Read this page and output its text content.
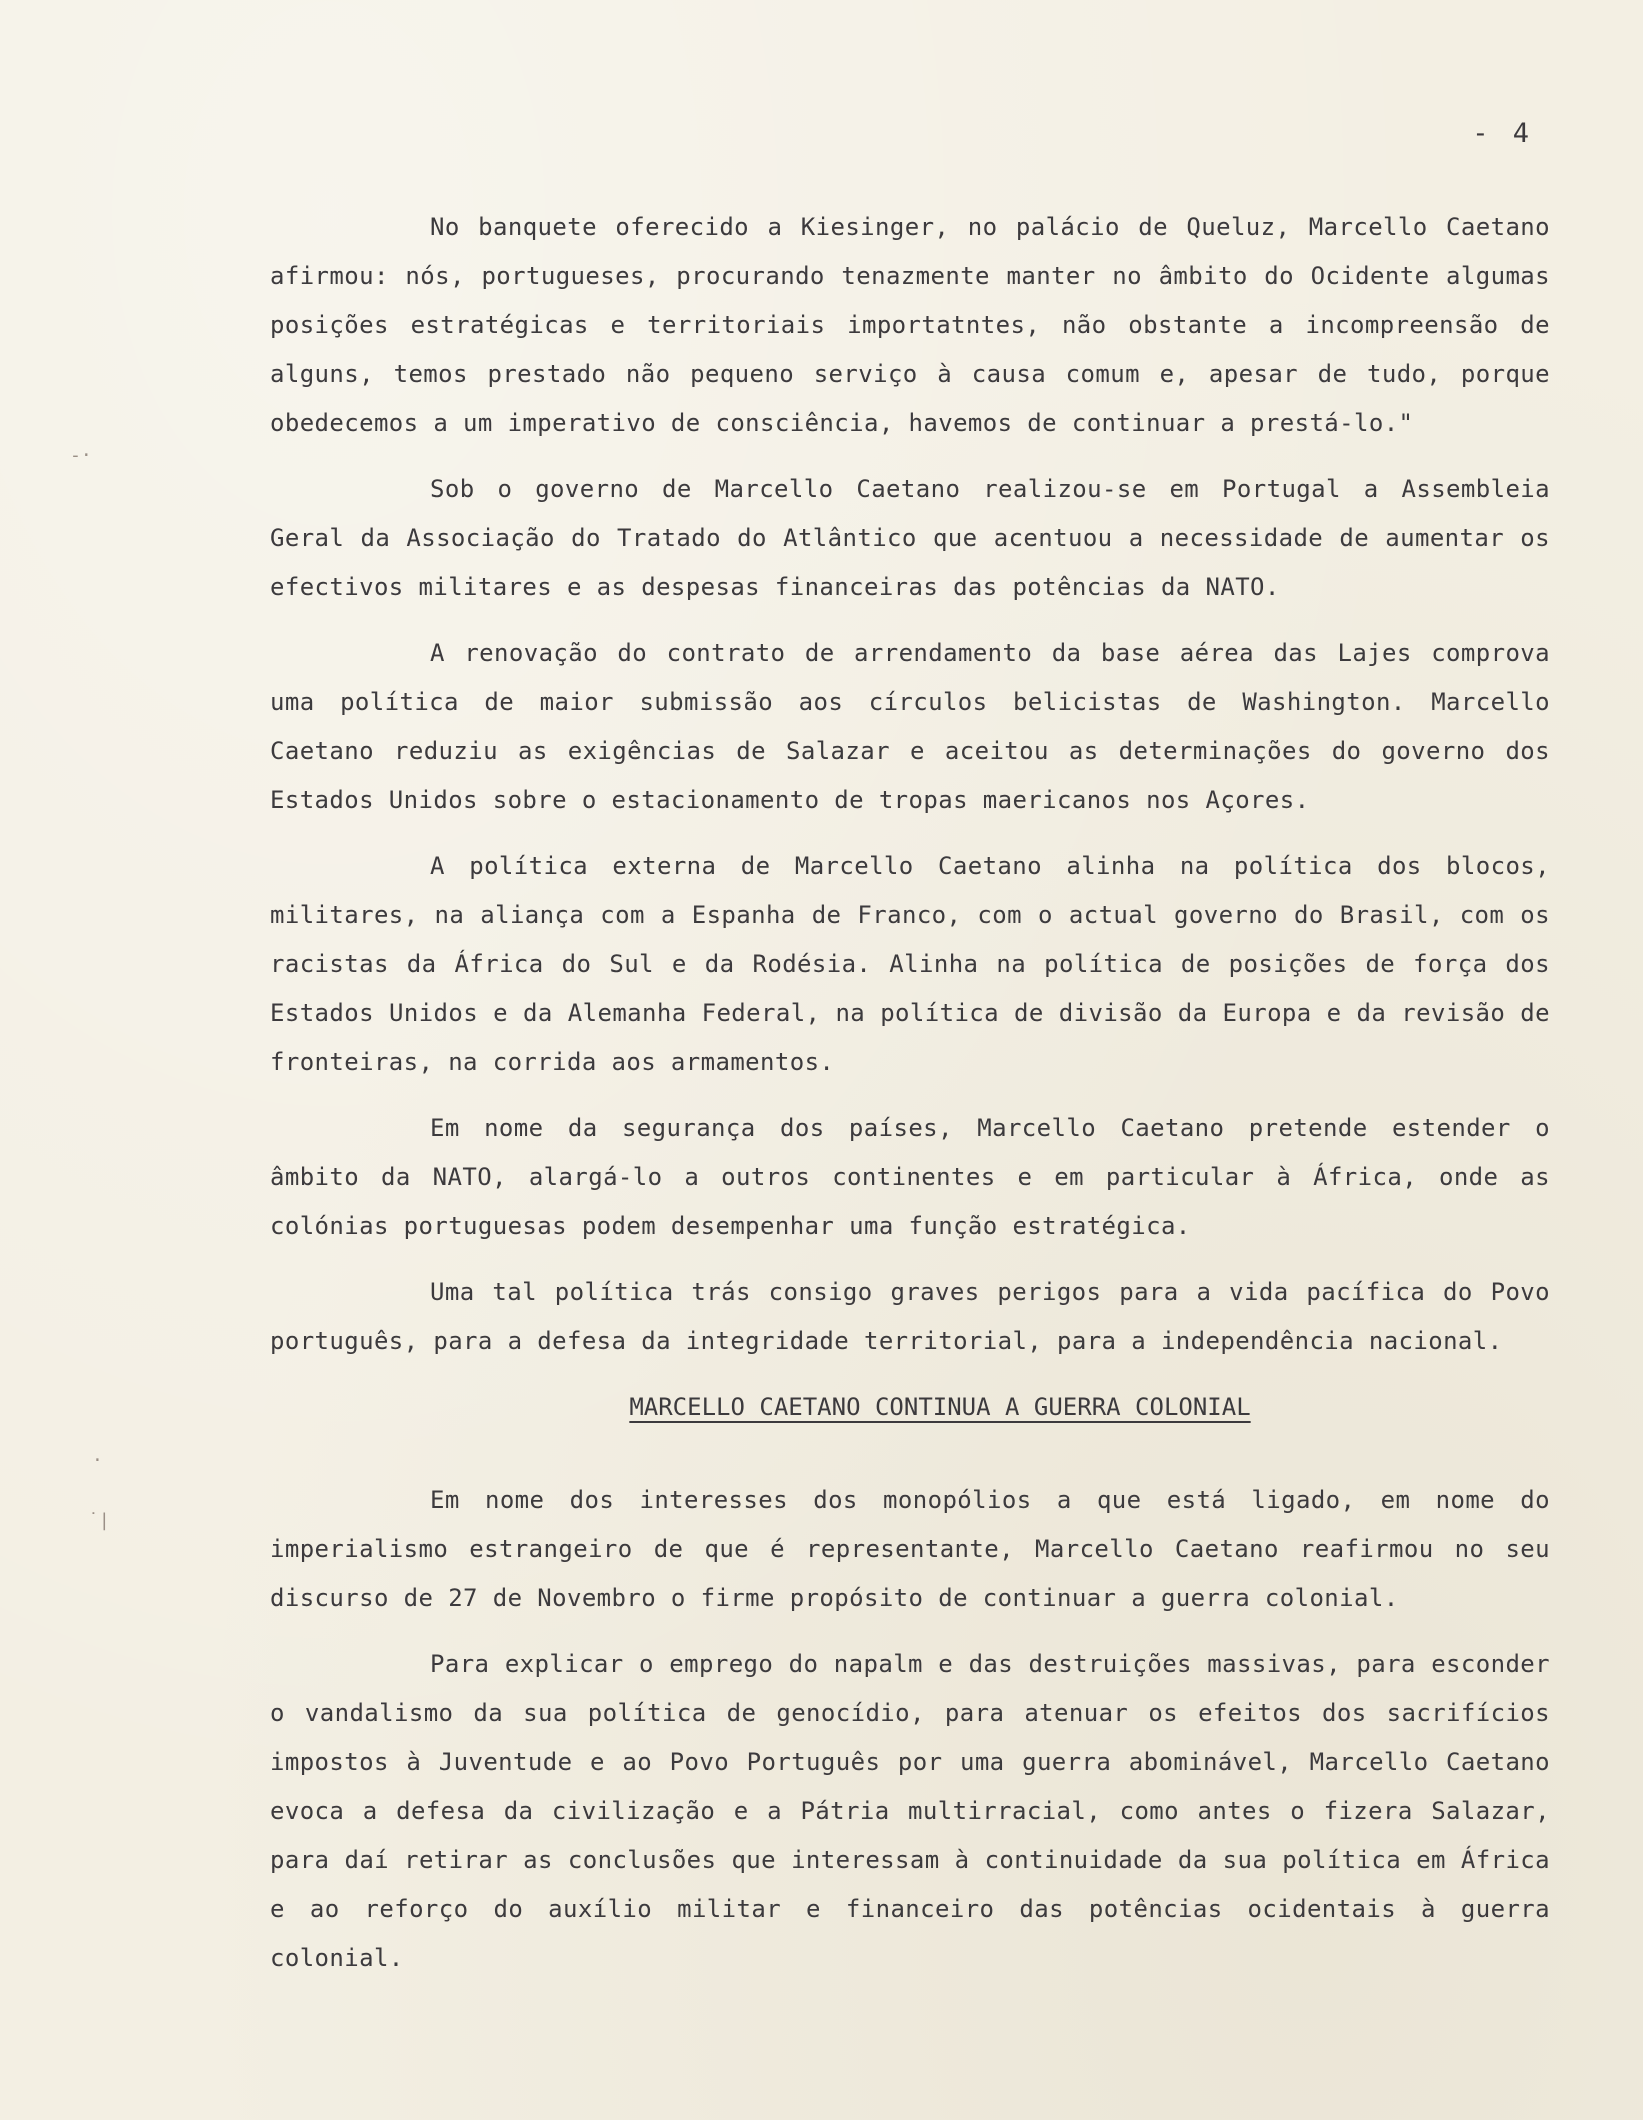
- 4
-·
·
˙|

No banquete oferecido a Kiesinger, no palácio de Queluz, Marcello Caetano afirmou: nós, portugueses, procurando tenazmente manter no âmbito do Ocidente algumas posições estratégicas e territoriais importatntes, não obstante a incompreensão de alguns, temos prestado não pequeno serviço à causa comum e, apesar de tudo, porque obedecemos a um imperativo de consciência, havemos de continuar a prestá-lo."

Sob o governo de Marcello Caetano realizou-se em Portugal a Assembleia Geral da Associação do Tratado do Atlântico que acentuou a necessidade de aumentar os efectivos militares e as despesas financeiras das potências da NATO.

A renovação do contrato de arrendamento da base aérea das Lajes comprova uma política de maior submissão aos círculos belicistas de Washington. Marcello Caetano reduziu as exigências de Salazar e aceitou as determinações do governo dos Estados Unidos sobre o estacionamento de tropas maericanos nos Açores.

A política externa de Marcello Caetano alinha na política dos blocos, militares, na aliança com a Espanha de Franco, com o actual governo do Brasil, com os racistas da África do Sul e da Rodésia. Alinha na política de posições de força dos Estados Unidos e da Alemanha Federal, na política de divisão da Europa e da revisão de fronteiras, na corrida aos armamentos.

Em nome da segurança dos países, Marcello Caetano pretende estender o âmbito da NATO, alargá-lo a outros continentes e em particular à África, onde as colónias portuguesas podem desempenhar uma função estratégica.

Uma tal política trás consigo graves perigos para a vida pacífica do Povo português, para a defesa da integridade territorial, para a independência nacional.

MARCELLO CAETANO CONTINUA A GUERRA COLONIAL

Em nome dos interesses dos monopólios a que está ligado, em nome do imperialismo estrangeiro de que é representante, Marcello Caetano reafirmou no seu discurso de 27 de Novembro o firme propósito de continuar a guerra colonial.

Para explicar o emprego do napalm e das destruições massivas, para esconder o vandalismo da sua política de genocídio, para atenuar os efeitos dos sacrifícios impostos à Juventude e ao Povo Português por uma guerra abominável, Marcello Caetano evoca a defesa da civilização e a Pátria multirracial, como antes o fizera Salazar, para daí retirar as conclusões que interessam à continuidade da sua política em África e ao reforço do auxílio militar e financeiro das potências ocidentais à guerra colonial.
